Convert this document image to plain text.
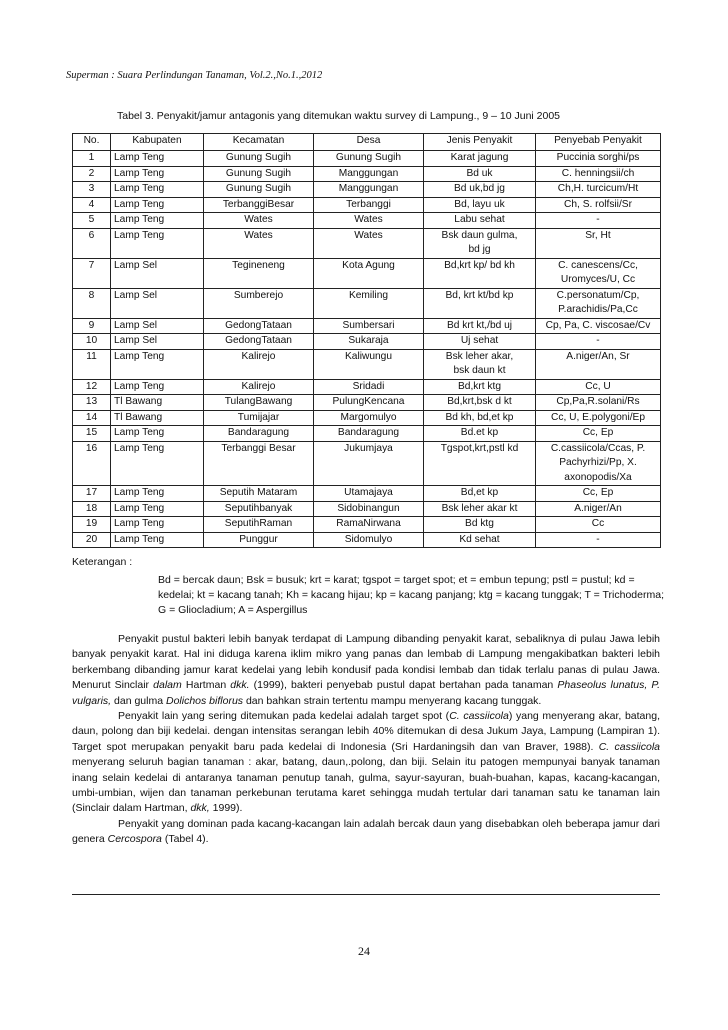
Superman : Suara Perlindungan Tanaman, Vol.2.,No.1.,2012
Tabel 3. Penyakit/jamur antagonis yang ditemukan waktu survey di Lampung., 9 – 10 Juni 2005
No.	Kabupaten	Kecamatan	Desa	Jenis Penyakit	Penyebab Penyakit
1	Lamp Teng	Gunung Sugih	Gunung Sugih	Karat jagung	Puccinia sorghi/ps
2	Lamp Teng	Gunung Sugih	Manggungan	Bd uk	C. henningsii/ch
3	Lamp Teng	Gunung Sugih	Manggungan	Bd uk,bd jg	Ch,H. turcicum/Ht
4	Lamp Teng	TerbanggiBesar	Terbanggi	Bd, layu uk	Ch, S. rolfsii/Sr
5	Lamp Teng	Wates	Wates	Labu sehat	-
6	Lamp Teng	Wates	Wates	Bsk daun gulma,
bd jg	Sr, Ht
7	Lamp Sel	Tegineneng	Kota Agung	Bd,krt kp/ bd kh	C. canescens/Cc,
Uromyces/U, Cc
8	Lamp Sel	Sumberejo	Kemiling	Bd, krt kt/bd kp	C.personatum/Cp,
P.arachidis/Pa,Cc
9	Lamp Sel	GedongTataan	Sumbersari	Bd krt kt,/bd uj	Cp, Pa, C. viscosae/Cv
10	Lamp Sel	GedongTataan	Sukaraja	Uj sehat	-
11	Lamp Teng	Kalirejo	Kaliwungu	Bsk leher akar,
bsk daun kt	A.niger/An, Sr
12	Lamp Teng	Kalirejo	Sridadi	Bd,krt ktg	Cc, U
13	Tl Bawang	TulangBawang	PulungKencana	Bd,krt,bsk d kt	Cp,Pa,R.solani/Rs
14	Tl Bawang	Tumijajar	Margomulyo	Bd kh, bd,et kp	Cc, U, E.polygoni/Ep
15	Lamp Teng	Bandaragung	Bandaragung	Bd.et kp	Cc, Ep
16	Lamp Teng	Terbanggi Besar	Jukumjaya	Tgspot,krt,pstl kd	C.cassiicola/Ccas, P.
Pachyrhizi/Pp, X.
axonopodis/Xa
17	Lamp Teng	Seputih Mataram	Utamajaya	Bd,et kp	Cc, Ep
18	Lamp Teng	Seputihbanyak	Sidobinangun	Bsk leher akar kt	A.niger/An
19	Lamp Teng	SeputihRaman	RamaNirwana	Bd ktg	Cc
20	Lamp Teng	Punggur	Sidomulyo	Kd sehat	-
Keterangan :
Bd = bercak daun; Bsk = busuk; krt = karat; tgspot = target spot; et = embun tepung; pstl = pustul; kd = kedelai; kt = kacang tanah; Kh = kacang hijau; kp = kacang panjang; ktg = kacang tunggak; T = Trichoderma; G = Gliocladium; A = Aspergillus

Penyakit pustul bakteri lebih banyak terdapat di Lampung dibanding penyakit karat, sebaliknya di pulau Jawa lebih banyak penyakit karat. Hal ini diduga karena iklim mikro yang panas dan lembab di Lampung mengakibatkan bakteri lebih berkembang dibanding jamur karat kedelai yang lebih kondusif pada kondisi lembab dan tidak terlalu panas di pulau Jawa. Menurut Sinclair dalam Hartman dkk. (1999), bakteri penyebab pustul dapat bertahan pada tanaman Phaseolus lunatus, P. vulgaris, dan gulma Dolichos biflorus dan bahkan strain tertentu mampu menyerang kacang tunggak.

Penyakit lain yang sering ditemukan pada kedelai adalah target spot (C. cassiicola) yang menyerang akar, batang, daun, polong dan biji kedelai. dengan intensitas serangan lebih 40% ditemukan di desa Jukum Jaya, Lampung (Lampiran 1). Target spot merupakan penyakit baru pada kedelai di Indonesia (Sri Hardaningsih dan van Braver, 1988). C. cassiicola menyerang seluruh bagian tanaman : akar, batang, daun,.polong, dan biji. Selain itu patogen mempunyai banyak tanaman inang selain kedelai di antaranya tanaman penutup tanah, gulma, sayur-sayuran, buah-buahan, kapas, kacang-kacangan, umbi-umbian, wijen dan tanaman perkebunan terutama karet sehingga mudah tertular dari tanaman satu ke tanaman lain (Sinclair dalam Hartman, dkk, 1999).

Penyakit yang dominan pada kacang-kacangan lain adalah bercak daun yang disebabkan oleh beberapa jamur dari genera Cercospora (Tabel 4).

24
